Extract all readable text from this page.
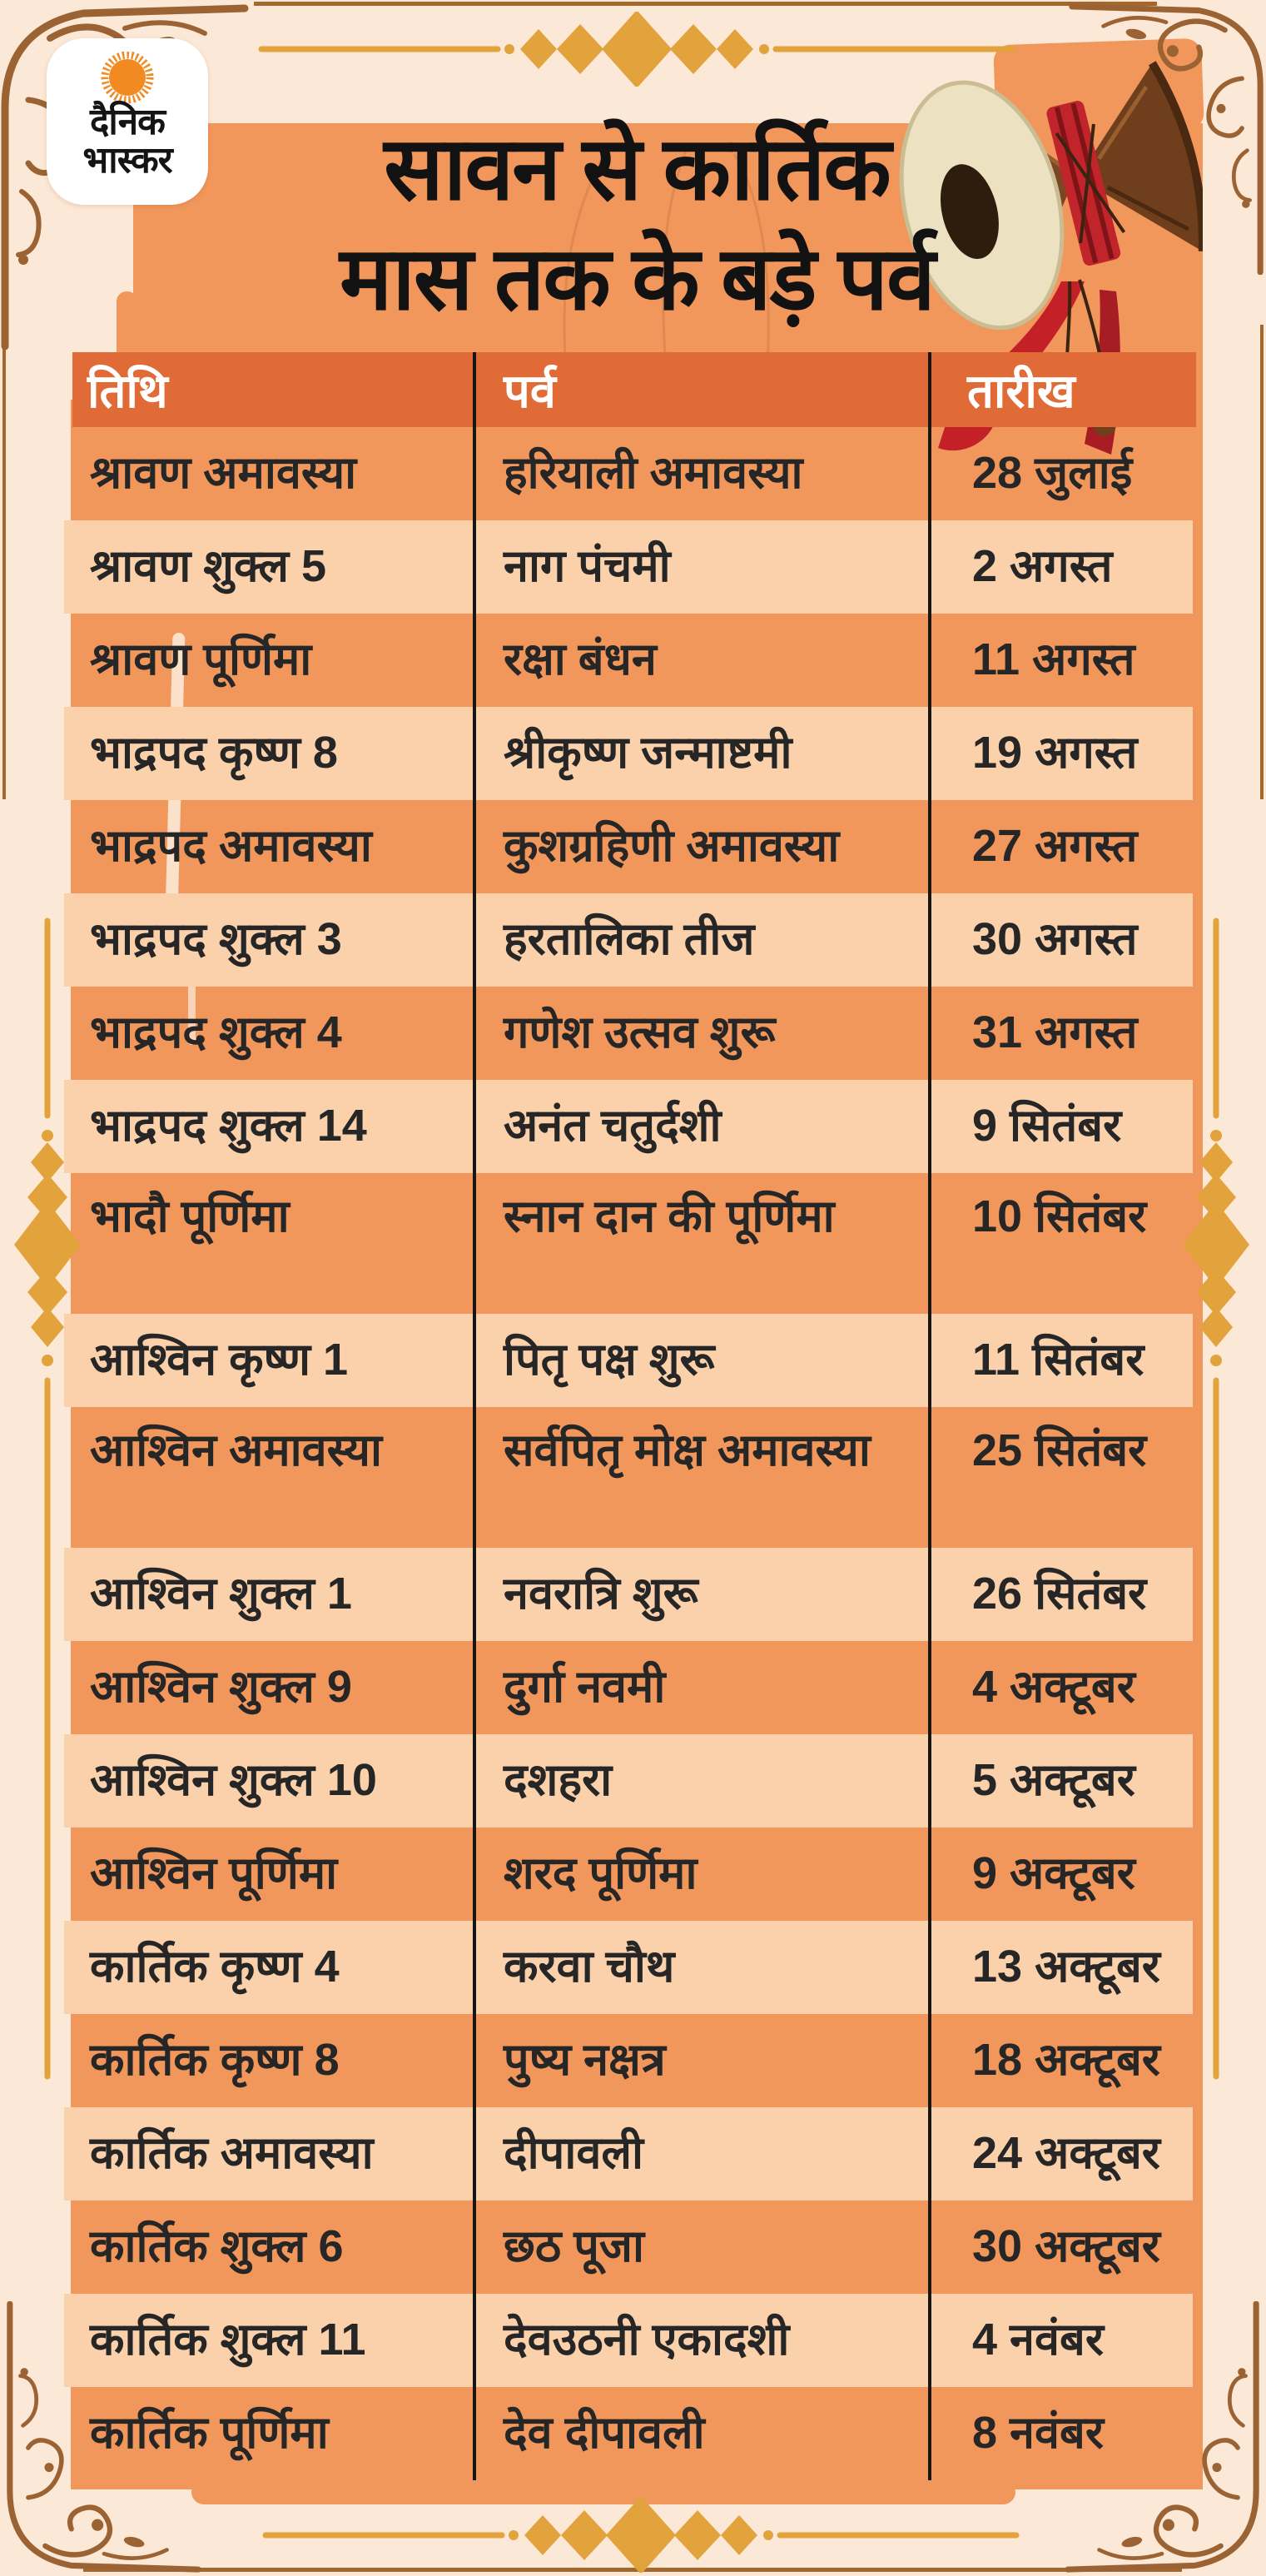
दैनिक
भास्कर	सावन से कार्तिक
मास तक के बड़े पर्व
तिथि	पर्व	तारीख
श्रावण अमावस्या	हरियाली अमावस्या	28 जुलाई
श्रावण शुक्ल 5	नाग पंचमी	2 अगस्त
श्रावण पूर्णिमा	रक्षा बंधन	11 अगस्त
भाद्रपद कृष्ण 8	श्रीकृष्ण जन्माष्टमी	19 अगस्त
भाद्रपद अमावस्या	कुशग्रहिणी अमावस्या	27 अगस्त
भाद्रपद शुक्ल 3	हरतालिका तीज	30 अगस्त
भाद्रपद शुक्ल 4	गणेश उत्सव शुरू	31 अगस्त
भाद्रपद शुक्ल 14	अनंत चतुर्दशी	9 सितंबर
भादौ पूर्णिमा	स्नान दान की पूर्णिमा	10 सितंबर
आश्विन कृष्ण 1	पितृ पक्ष शुरू	11 सितंबर
आश्विन अमावस्या	सर्वपितृ मोक्ष अमावस्या	25 सितंबर
आश्विन शुक्ल 1	नवरात्रि शुरू	26 सितंबर
आश्विन शुक्ल 9	दुर्गा नवमी	4 अक्टूबर
आश्विन शुक्ल 10	दशहरा	5 अक्टूबर
आश्विन पूर्णिमा	शरद पूर्णिमा	9 अक्टूबर
कार्तिक कृष्ण 4	करवा चौथ	13 अक्टूबर
कार्तिक कृष्ण 8	पुष्य नक्षत्र	18 अक्टूबर
कार्तिक अमावस्या	दीपावली	24 अक्टूबर
कार्तिक शुक्ल 6	छठ पूजा	30 अक्टूबर
कार्तिक शुक्ल 11	देवउठनी एकादशी	4 नवंबर
कार्तिक पूर्णिमा	देव दीपावली	8 नवंबर
